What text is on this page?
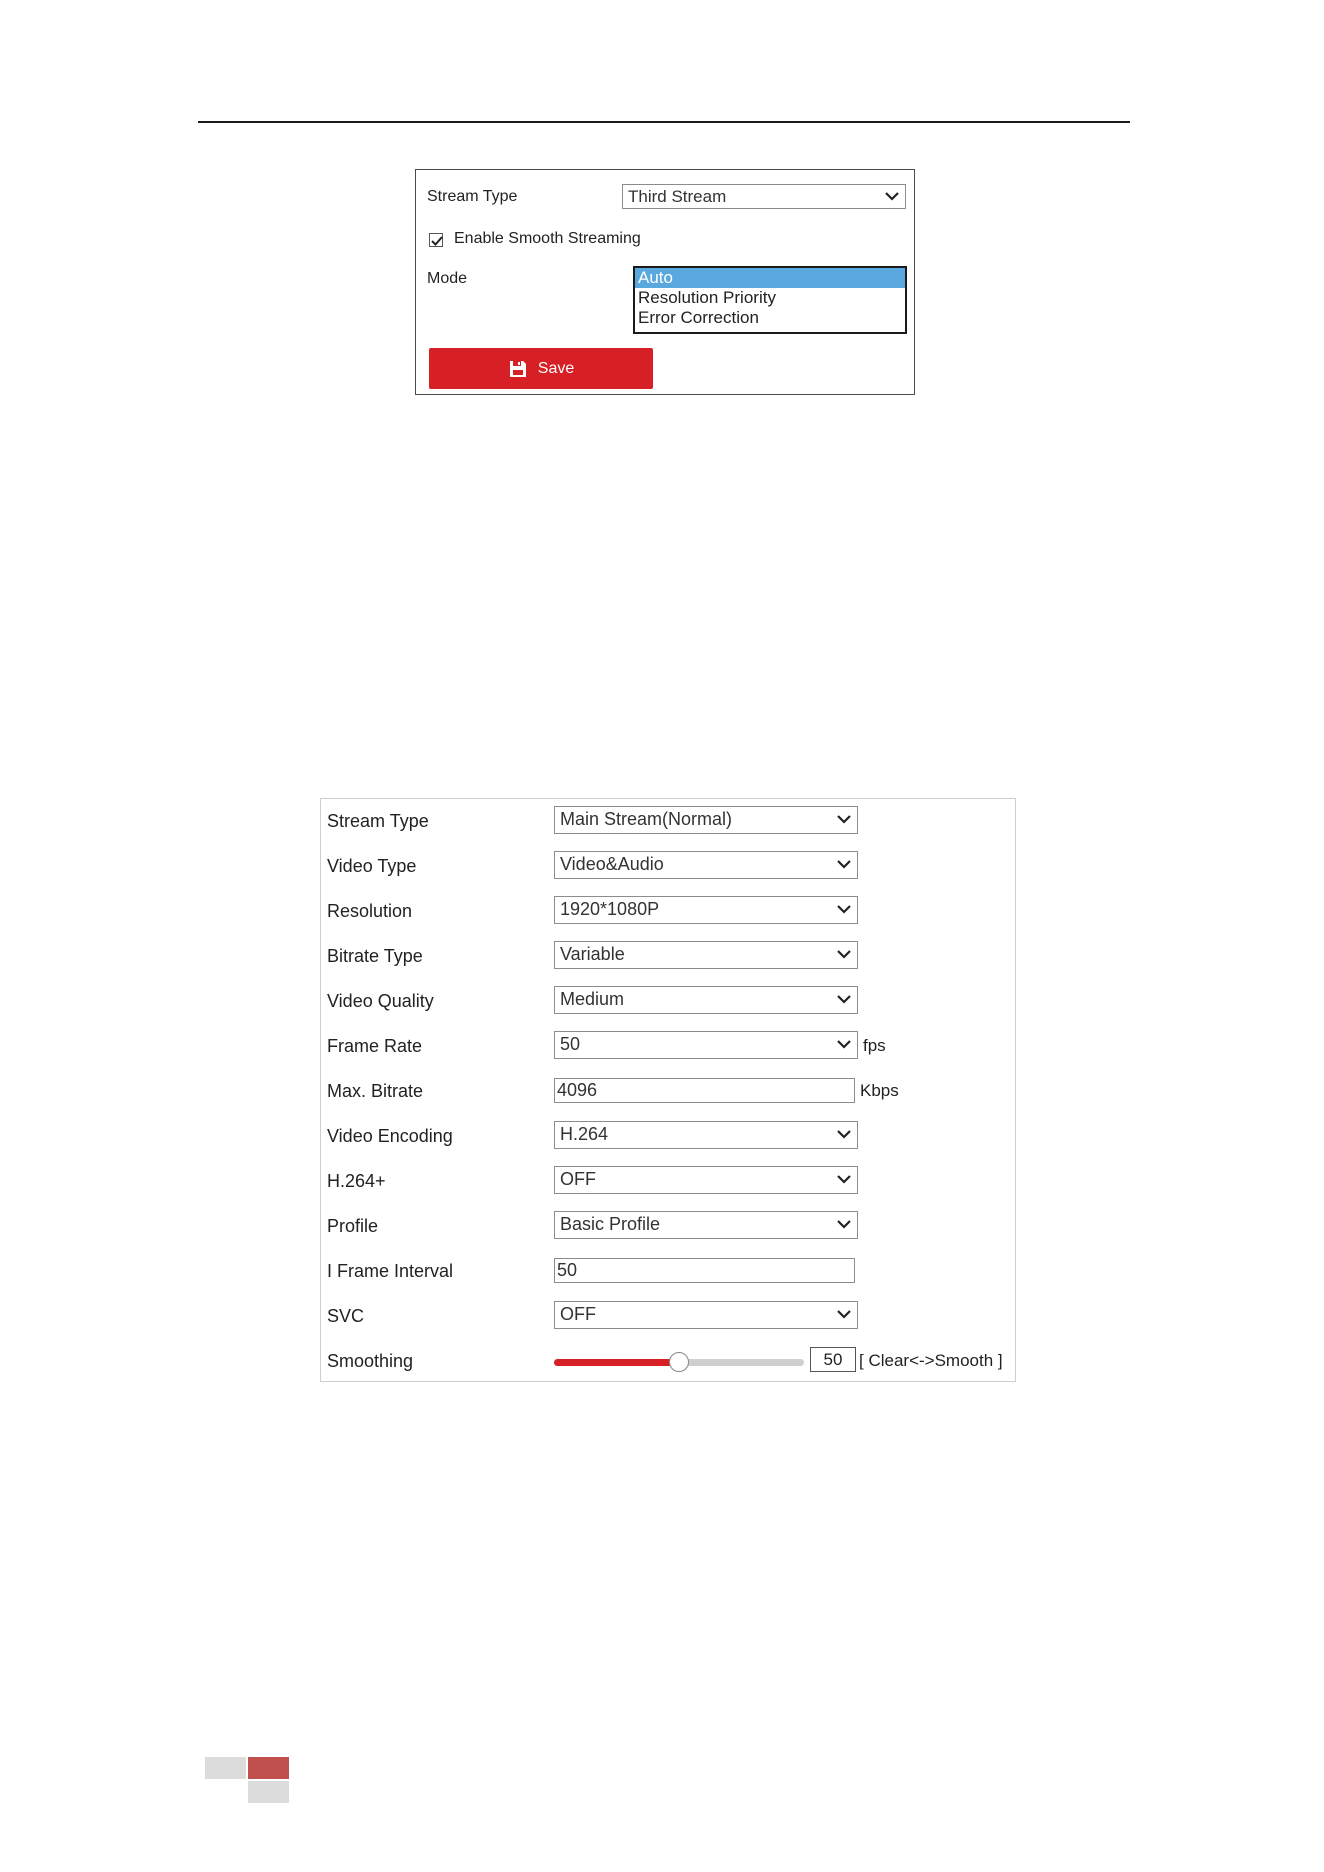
Stream Type	Third Stream
Enable Smooth Streaming
Mode	Auto
Resolution Priority
Error Correction
Save
Stream Type	Main Stream(Normal)
Video Type	Video&Audio
Resolution	1920*1080P
Bitrate Type	Variable
Video Quality	Medium
Frame Rate	50	fps
Max. Bitrate	4096	Kbps
Video Encoding	H.264
H.264+	OFF
Profile	Basic Profile
I Frame Interval	50
SVC	OFF
Smoothing	50 [ Clear<->Smooth ]
